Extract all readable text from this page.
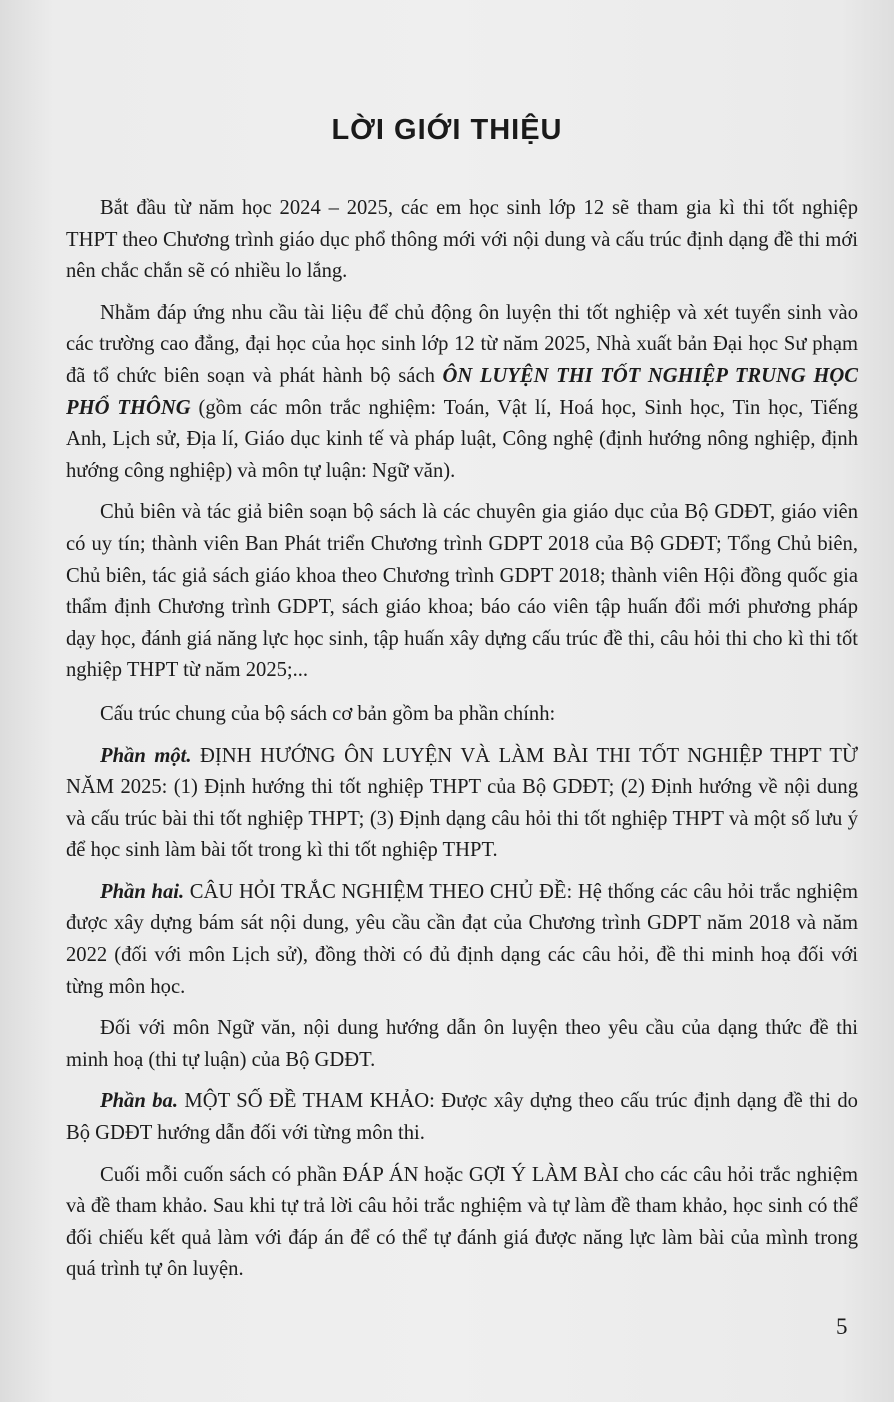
LỜI GIỚI THIỆU

Bắt đầu từ năm học 2024 – 2025, các em học sinh lớp 12 sẽ tham gia kì thi tốt nghiệp THPT theo Chương trình giáo dục phổ thông mới với nội dung và cấu trúc định dạng đề thi mới nên chắc chắn sẽ có nhiều lo lắng.

Nhằm đáp ứng nhu cầu tài liệu để chủ động ôn luyện thi tốt nghiệp và xét tuyển sinh vào các trường cao đẳng, đại học của học sinh lớp 12 từ năm 2025, Nhà xuất bản Đại học Sư phạm đã tổ chức biên soạn và phát hành bộ sách ÔN LUYỆN THI TỐT NGHIỆP TRUNG HỌC PHỔ THÔNG (gồm các môn trắc nghiệm: Toán, Vật lí, Hoá học, Sinh học, Tin học, Tiếng Anh, Lịch sử, Địa lí, Giáo dục kinh tế và pháp luật, Công nghệ (định hướng nông nghiệp, định hướng công nghiệp) và môn tự luận: Ngữ văn).

Chủ biên và tác giả biên soạn bộ sách là các chuyên gia giáo dục của Bộ GDĐT, giáo viên có uy tín; thành viên Ban Phát triển Chương trình GDPT 2018 của Bộ GDĐT; Tổng Chủ biên, Chủ biên, tác giả sách giáo khoa theo Chương trình GDPT 2018; thành viên Hội đồng quốc gia thẩm định Chương trình GDPT, sách giáo khoa; báo cáo viên tập huấn đổi mới phương pháp dạy học, đánh giá năng lực học sinh, tập huấn xây dựng cấu trúc đề thi, câu hỏi thi cho kì thi tốt nghiệp THPT từ năm 2025;...

Cấu trúc chung của bộ sách cơ bản gồm ba phần chính:

Phần một. ĐỊNH HƯỚNG ÔN LUYỆN VÀ LÀM BÀI THI TỐT NGHIỆP THPT TỪ NĂM 2025: (1) Định hướng thi tốt nghiệp THPT của Bộ GDĐT; (2) Định hướng về nội dung và cấu trúc bài thi tốt nghiệp THPT; (3) Định dạng câu hỏi thi tốt nghiệp THPT và một số lưu ý để học sinh làm bài tốt trong kì thi tốt nghiệp THPT.

Phần hai. CÂU HỎI TRẮC NGHIỆM THEO CHỦ ĐỀ: Hệ thống các câu hỏi trắc nghiệm được xây dựng bám sát nội dung, yêu cầu cần đạt của Chương trình GDPT năm 2018 và năm 2022 (đối với môn Lịch sử), đồng thời có đủ định dạng các câu hỏi, đề thi minh hoạ đối với từng môn học.

Đối với môn Ngữ văn, nội dung hướng dẫn ôn luyện theo yêu cầu của dạng thức đề thi minh hoạ (thi tự luận) của Bộ GDĐT.

Phần ba. MỘT SỐ ĐỀ THAM KHẢO: Được xây dựng theo cấu trúc định dạng đề thi do Bộ GDĐT hướng dẫn đối với từng môn thi.

Cuối mỗi cuốn sách có phần ĐÁP ÁN hoặc GỢI Ý LÀM BÀI cho các câu hỏi trắc nghiệm và đề tham khảo. Sau khi tự trả lời câu hỏi trắc nghiệm và tự làm đề tham khảo, học sinh có thể đối chiếu kết quả làm với đáp án để có thể tự đánh giá được năng lực làm bài của mình trong quá trình tự ôn luyện.

5
